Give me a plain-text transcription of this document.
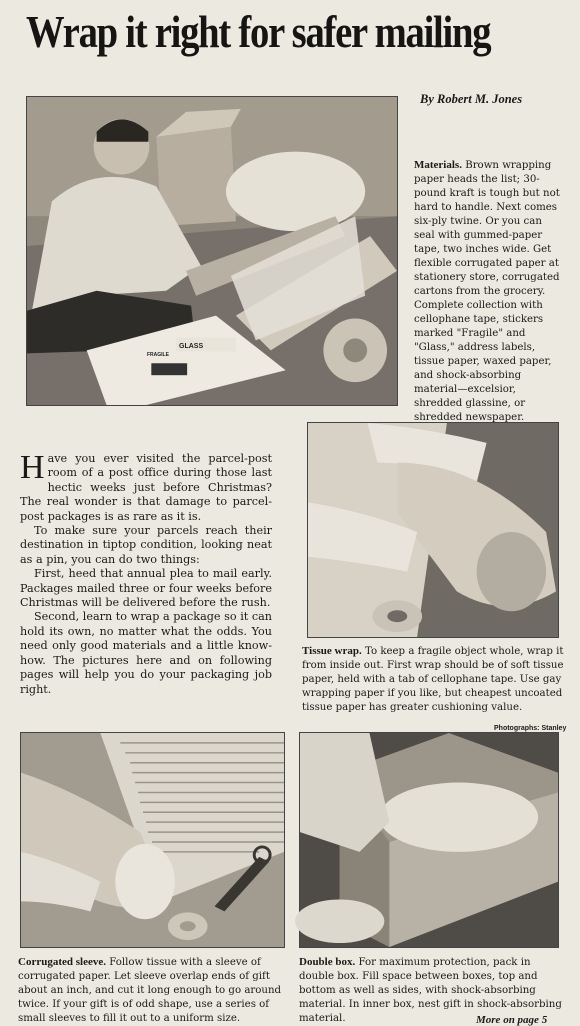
Wrap it right for safer mailing
By Robert M. Jones
GLASS
FRAGILE
Materials. Brown wrapping paper heads the list; 30-pound kraft is tough but not hard to handle. Next comes six-ply twine. Or you can seal with gummed-paper tape, two inches wide. Get flexible corrugated paper at stationery store, corrugated cartons from the grocery. Complete collection with cellophane tape, stickers marked "Fragile" and "Glass," address labels, tissue paper, waxed paper, and shock-absorbing material—excelsior, shredded glassine, or shredded newspaper.

Have you ever visited the parcel-post room of a post office during those last hectic weeks just before Christmas? The real wonder is that damage to parcel-post packages is as rare as it is.

To make sure your parcels reach their destination in tiptop condition, looking neat as a pin, you can do two things:

First, heed that annual plea to mail early. Packages mailed three or four weeks before Christmas will be delivered before the rush.

Second, learn to wrap a package so it can hold its own, no matter what the odds. You need only good materials and a little know-how. The pictures here and on following pages will help you do your packaging job right.

Tissue wrap. To keep a fragile object whole, wrap it from inside out. First wrap should be of soft tissue paper, held with a tab of cellophane tape. Use gay wrapping paper if you like, but cheapest uncoated tissue paper has greater cushioning value.
Photographs: Stanley
Corrugated sleeve. Follow tissue with a sleeve of corrugated paper. Let sleeve overlap ends of gift about an inch, and cut it long enough to go around twice. If your gift is of odd shape, use a series of small sleeves to fill it out to a uniform size.
Double box. For maximum protection, pack in double box. Fill space between boxes, top and bottom as well as sides, with shock-absorbing material. In inner box, nest gift in shock-absorbing material.	More on page 5
